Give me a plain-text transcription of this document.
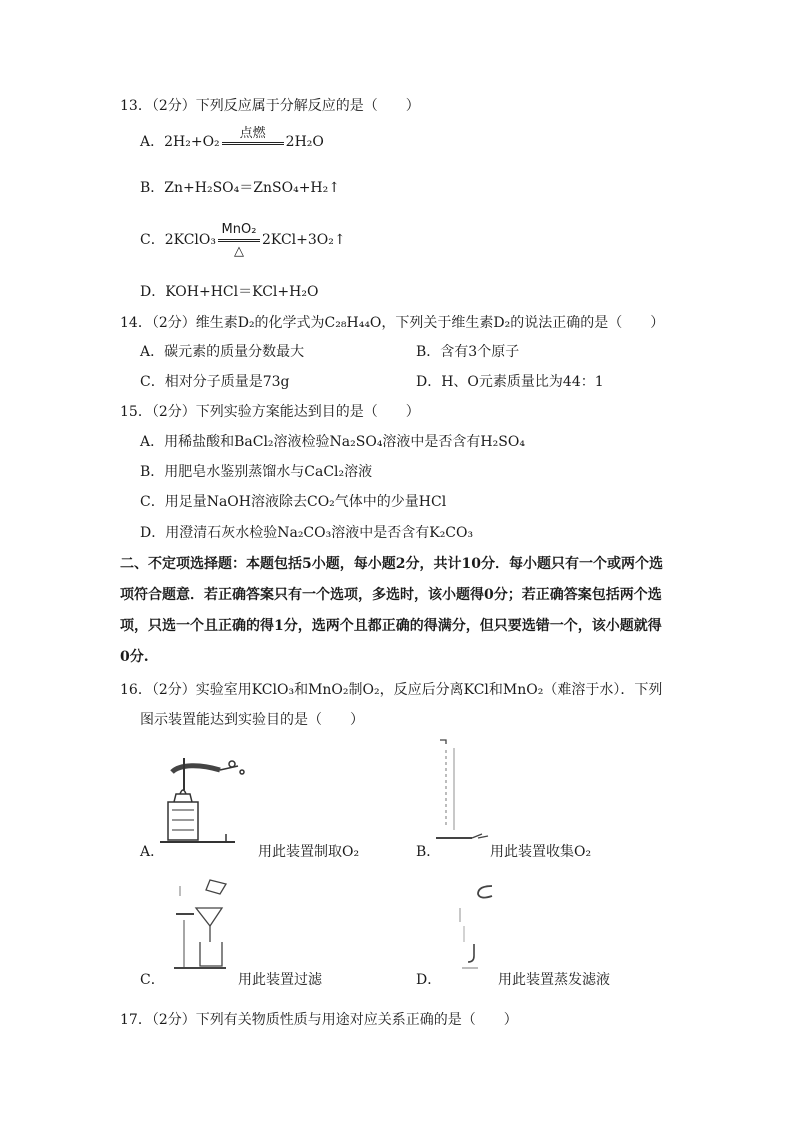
13．（2分）下列反应属于分解反应的是（　　）
A．2H₂+O₂
点燃
2H₂O
B．Zn+H₂SO₄＝ZnSO₄+H₂↑
C．2KClO₃
MnO₂
△
2KCl+3O₂↑
D．KOH+HCl＝KCl+H₂O
14．（2分）维生素D₂的化学式为C₂₈H₄₄O，下列关于维生素D₂的说法正确的是（　　）
A．碳元素的质量分数最大	B．含有3个原子
C．相对分子质量是73g	D．H、O元素质量比为44：1
15．（2分）下列实验方案能达到目的是（　　）
A．用稀盐酸和BaCl₂溶液检验Na₂SO₄溶液中是否含有H₂SO₄
B．用肥皂水鉴别蒸馏水与CaCl₂溶液
C．用足量NaOH溶液除去CO₂气体中的少量HCl
D．用澄清石灰水检验Na₂CO₃溶液中是否含有K₂CO₃
二、不定项选择题：本题包括5小题，每小题2分，共计10分．每小题只有一个或两个选
项符合题意．若正确答案只有一个选项，多选时，该小题得0分；若正确答案包括两个选
项，只选一个且正确的得1分，选两个且都正确的得满分，但只要选错一个，该小题就得
0分.
16．（2分）实验室用KClO₃和MnO₂制O₂，反应后分离KCl和MnO₂（难溶于水）．下列
图示装置能达到实验目的是（　　）
A．	用此装置制取O₂	B．	用此装置收集O₂
C．	用此装置过滤	D．	用此装置蒸发滤液
17．（2分）下列有关物质性质与用途对应关系正确的是（　　）
